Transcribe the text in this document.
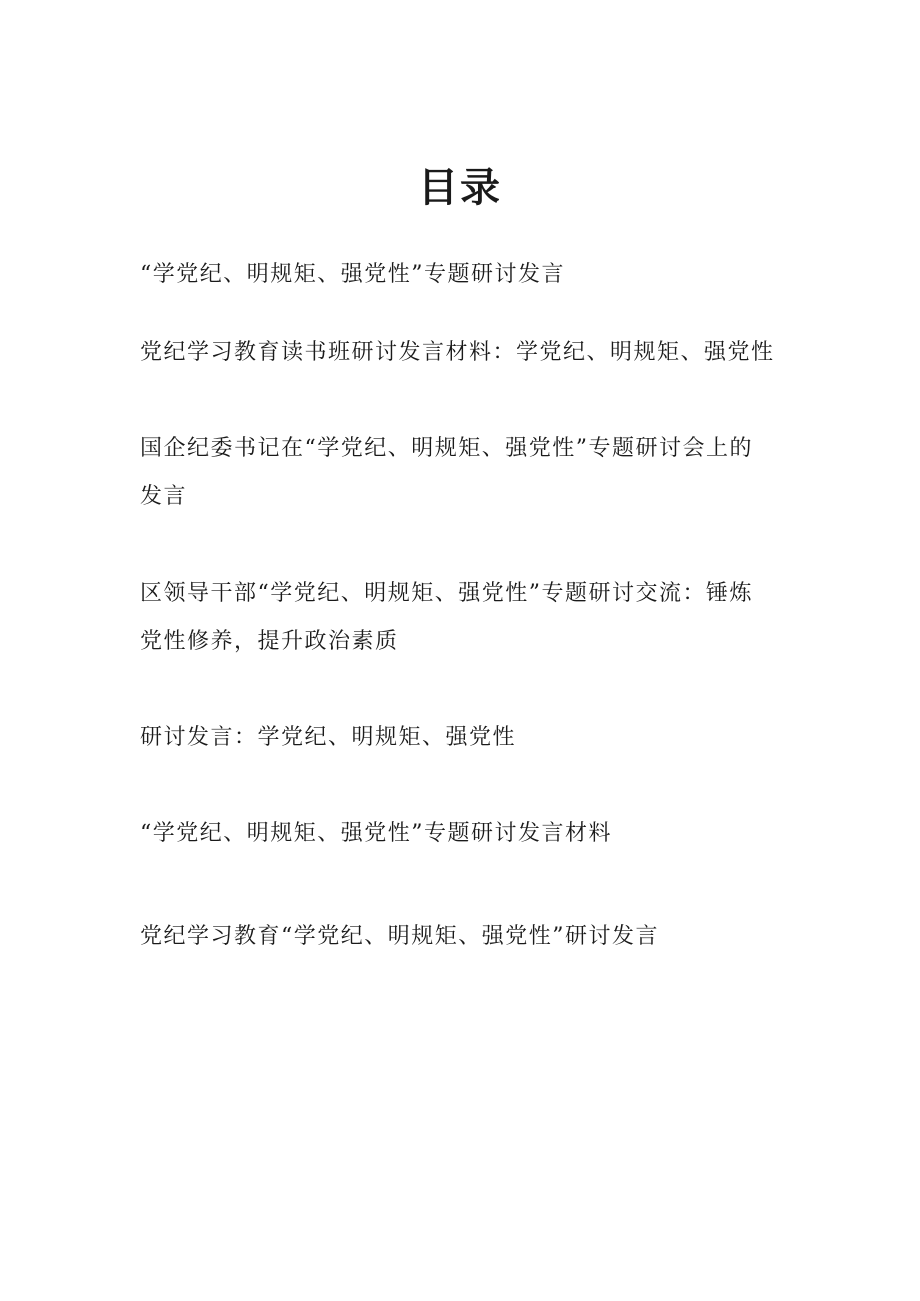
目录
“学党纪、明规矩、强党性”专题研讨发言
党纪学习教育读书班研讨发言材料：学党纪、明规矩、强党性
国企纪委书记在“学党纪、明规矩、强党性”专题研讨会上的
发言
区领导干部“学党纪、明规矩、强党性”专题研讨交流：锤炼
党性修养，提升政治素质
研讨发言：学党纪、明规矩、强党性
“学党纪、明规矩、强党性”专题研讨发言材料
党纪学习教育“学党纪、明规矩、强党性”研讨发言
